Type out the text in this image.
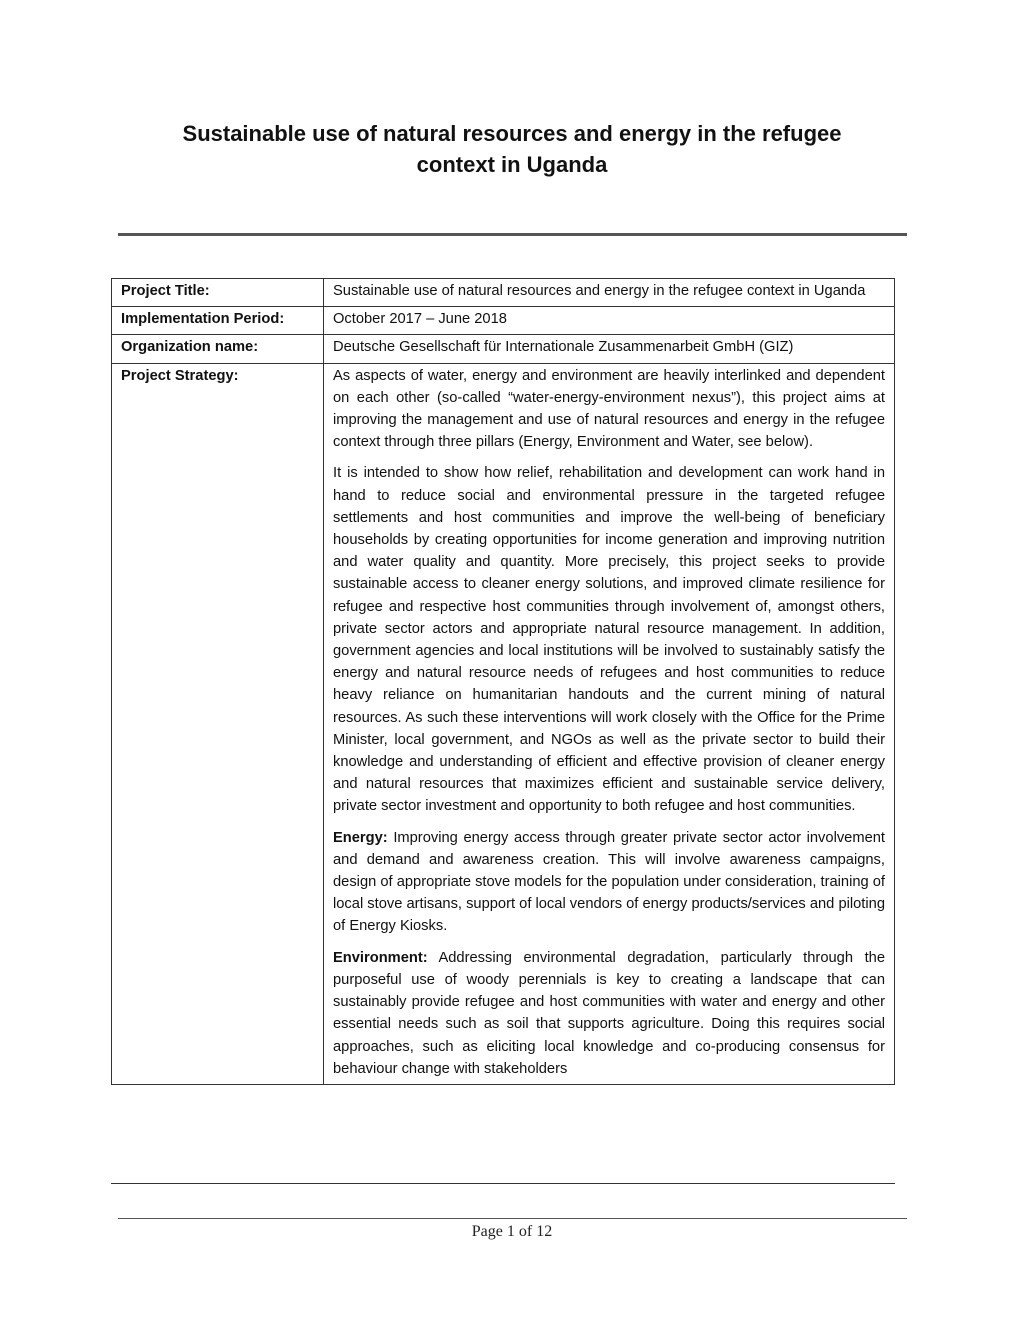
Sustainable use of natural resources and energy in the refugee
context in Uganda
Project Title:	Sustainable use of natural resources and energy in the refugee context in Uganda
Implementation Period:	October 2017 – June 2018
Organization name:	Deutsche Gesellschaft für Internationale Zusammenarbeit GmbH (GIZ)
Project Strategy:	As aspects of water, energy and environment are heavily interlinked and dependent on each other (so-called “water-energy-environment nexus”), this project aims at improving the management and use of natural resources and energy in the refugee context through three pillars (Energy, Environment and Water, see below).

It is intended to show how relief, rehabilitation and development can work hand in hand to reduce social and environmental pressure in the targeted refugee settlements and host communities and improve the well-being of beneficiary households by creating opportunities for income generation and improving nutrition and water quality and quantity. More precisely, this project seeks to provide sustainable access to cleaner energy solutions, and improved climate resilience for refugee and respective host communities through involvement of, amongst others, private sector actors and appropriate natural resource management. In addition, government agencies and local institutions will be involved to sustainably satisfy the energy and natural resource needs of refugees and host communities to reduce heavy reliance on humanitarian handouts and the current mining of natural resources. As such these interventions will work closely with the Office for the Prime Minister, local government, and NGOs as well as the private sector to build their knowledge and understanding of efficient and effective provision of cleaner energy and natural resources that maximizes efficient and sustainable service delivery, private sector investment and opportunity to both refugee and host communities.

Energy: Improving energy access through greater private sector actor involvement and demand and awareness creation. This will involve awareness campaigns, design of appropriate stove models for the population under consideration, training of local stove artisans, support of local vendors of energy products/services and piloting of Energy Kiosks.

Environment: Addressing environmental degradation, particularly through the purposeful use of woody perennials is key to creating a landscape that can sustainably provide refugee and host communities with water and energy and other essential needs such as soil that supports agriculture. Doing this requires social approaches, such as eliciting local knowledge and co-producing consensus for behaviour change with stakeholders

Page 1 of 12
